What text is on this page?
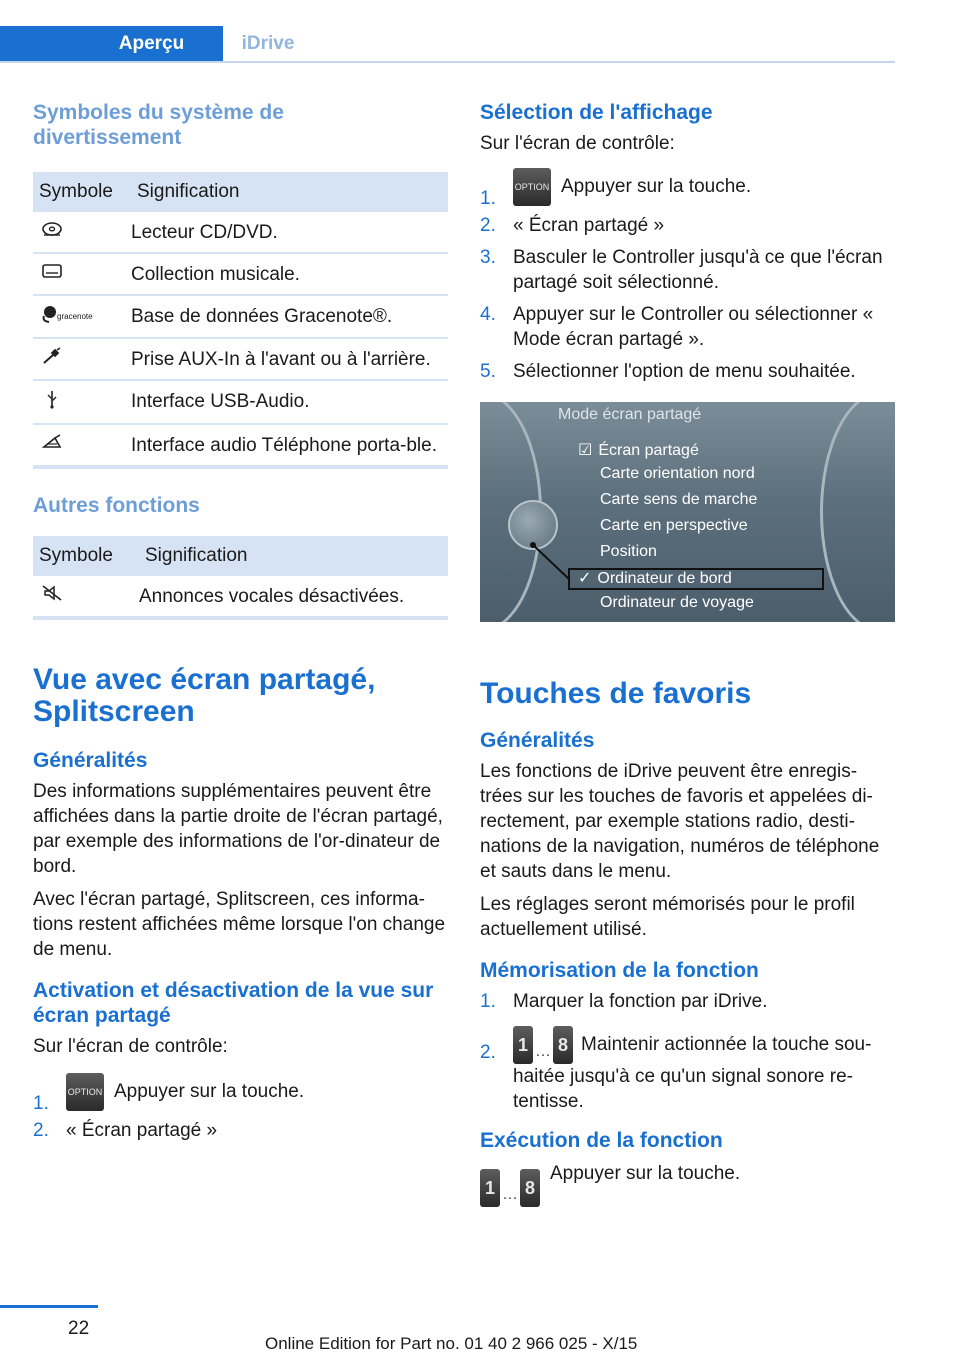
Aperçu	iDrive
Symboles du système de divertissement
Symbole	Signification
	Lecteur CD/DVD.
	Collection musicale.
$^{gracenote}$	Base de données Gracenote®.
	Prise AUX-In à l'avant ou à l'arrière.
	Interface USB-Audio.
	Interface audio Téléphone porta-ble.
Autres fonctions
Symbole	Signification
	Annonces vocales désactivées.
Vue avec écran partagé, Splitscreen
Généralités

Des informations supplémentaires peuvent être affichées dans la partie droite de l'écran partagé, par exemple des informations de l'or-dinateur de bord.

Avec l'écran partagé, Splitscreen, ces informa-tions restent affichées même lorsque l'on change de menu.

Activation et désactivation de la vue sur écran partagé

Sur l'écran de contrôle:

1.
OPTION Appuyer sur la touche.
2. « Écran partagé »
Sélection de l'affichage

Sur l'écran de contrôle:

1.
OPTION Appuyer sur la touche.
2. « Écran partagé »
3. Basculer le Controller jusqu'à ce que l'écran partagé soit sélectionné.
4. Appuyer sur le Controller ou sélectionner « Mode écran partagé ».
5. Sélectionner l'option de menu souhaitée.
Mode écran partagé
☑ Écran partagé
Carte orientation nord
Carte sens de marche
Carte en perspective
Position
✓ Ordinateur de bord
Ordinateur de voyage
Touches de favoris
Généralités

Les fonctions de iDrive peuvent être enregis-trées sur les touches de favoris et appelées di-rectement, par exemple stations radio, desti-nations de la navigation, numéros de téléphone et sauts dans le menu.

Les réglages seront mémorisés pour le profil actuellement utilisé.

Mémorisation de la fonction
1. Marquer la fonction par iDrive.
2. 1 … 8 Maintenir actionnée la touche sou-haitée jusqu'à ce qu'un signal sonore re-tentisse.
Exécution de la fonction
1 … 8Appuyer sur la touche.
22
Online Edition for Part no. 01 40 2 966 025 - X/15
